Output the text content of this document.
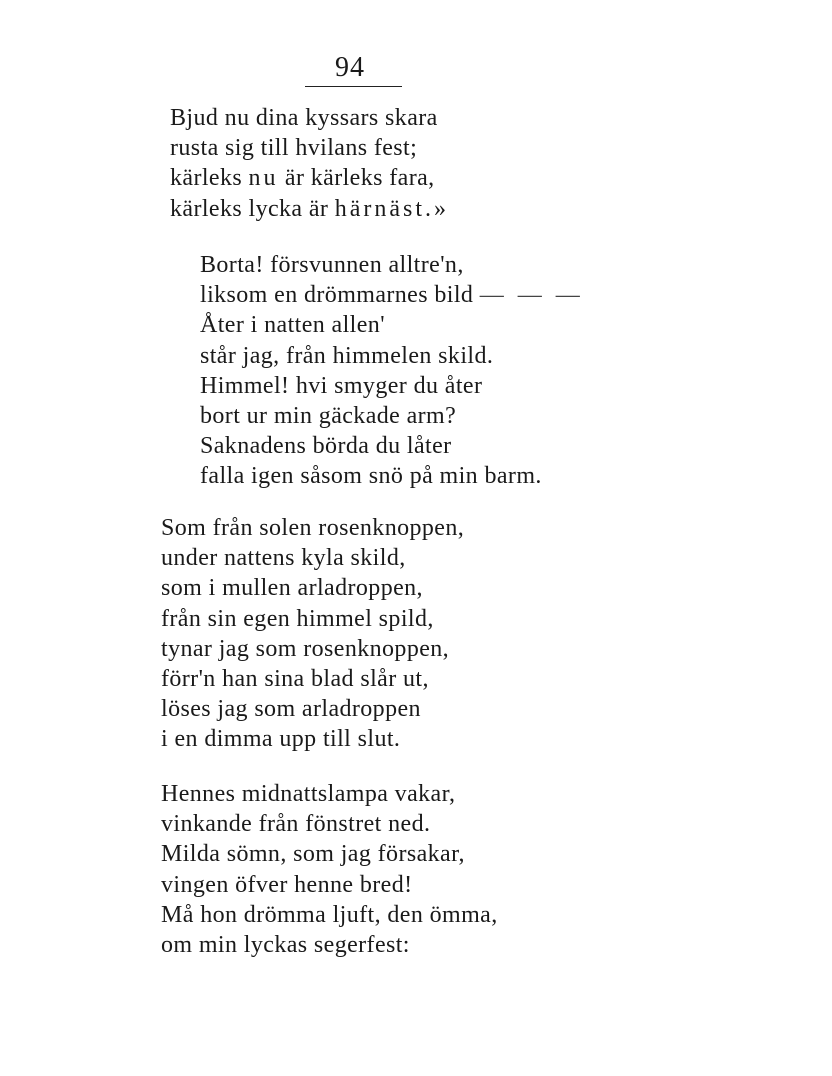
94
Bjud nu dina kyssars skara
rusta sig till hvilans fest;
kärleks nu är kärleks fara,
kärleks lycka är härnäst.»
Borta! försvunnen alltre'n,
liksom en drömmarnes bild — — —
Åter i natten allen'
står jag, från himmelen skild.
Himmel! hvi smyger du åter
bort ur min gäckade arm?
Saknadens börda du låter
falla igen såsom snö på min barm.
Som från solen rosenknoppen,
under nattens kyla skild,
som i mullen arladroppen,
från sin egen himmel spild,
tynar jag som rosenknoppen,
förr'n han sina blad slår ut,
löses jag som arladroppen
i en dimma upp till slut.
Hennes midnattslampa vakar,
vinkande från fönstret ned.
Milda sömn, som jag försakar,
vingen öfver henne bred!
Må hon drömma ljuft, den ömma,
om min lyckas segerfest:
